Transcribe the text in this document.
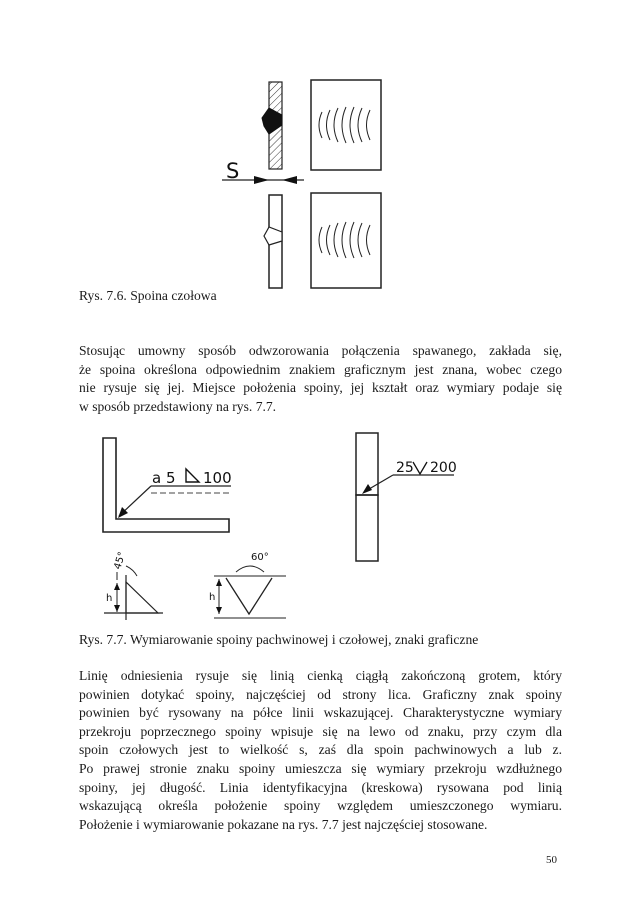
S
Rys. 7.6. Spoina czołowa
Stosując umowny sposób odwzorowania połączenia spawanego, zakłada się,
że spoina określona odpowiednim znakiem graficznym jest znana, wobec czego
nie rysuje się jej. Miejsce położenia spoiny, jej kształt oraz wymiary podaje się
w sposób przedstawiony na rys. 7.7.
a 5 100
25 200
h
45°	60°
h
Rys. 7.7. Wymiarowanie spoiny pachwinowej i czołowej, znaki graficzne
Linię odniesienia rysuje się linią cienką ciągłą zakończoną grotem, który
powinien dotykać spoiny, najczęściej od strony lica. Graficzny znak spoiny
powinien być rysowany na półce linii wskazującej. Charakterystyczne wymiary
przekroju poprzecznego spoiny wpisuje się na lewo od znaku, przy czym dla
spoin czołowych jest to wielkość s, zaś dla spoin pachwinowych a lub z.
Po prawej stronie znaku spoiny umieszcza się wymiary przekroju wzdłużnego
spoiny, jej długość. Linia identyfikacyjna (kreskowa) rysowana pod linią
wskazującą określa położenie spoiny względem umieszczonego wymiaru.
Położenie i wymiarowanie pokazane na rys. 7.7 jest najczęściej stosowane.
50
